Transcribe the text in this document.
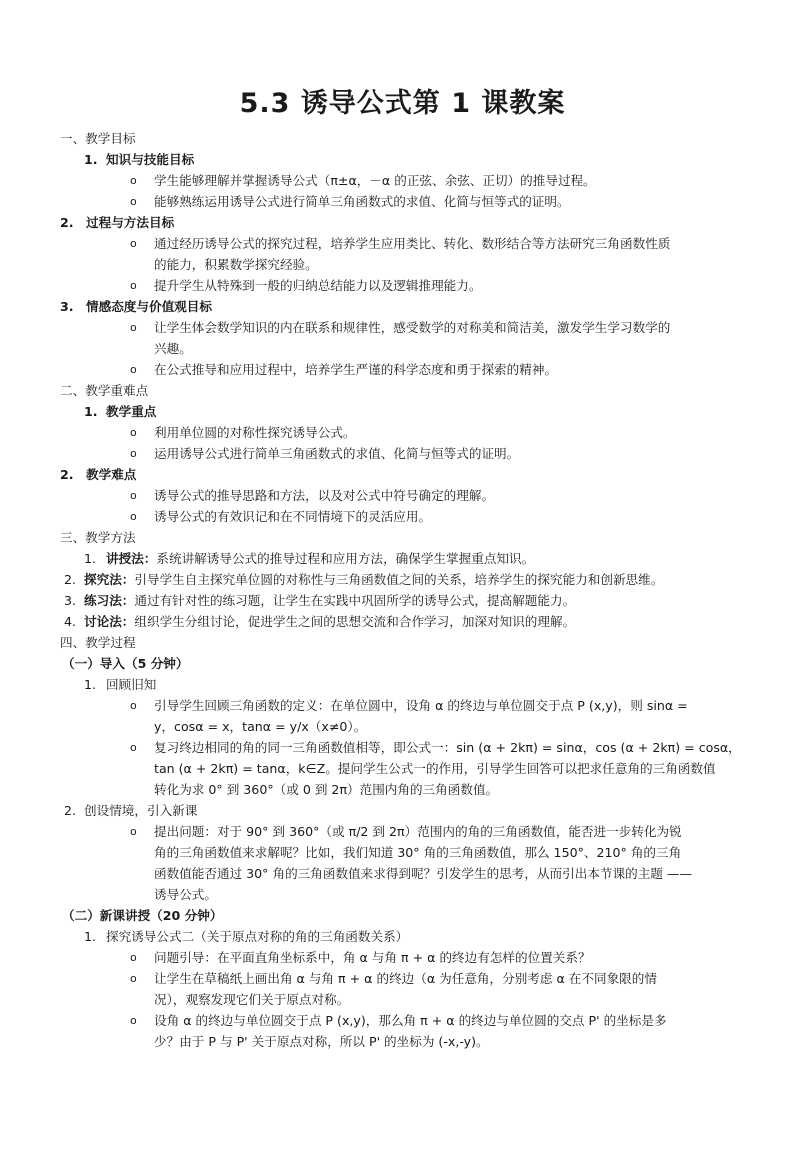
5.3 诱导公式第 1 课教案
一、教学目标
1. 知识与技能目标
o 学生能够理解并掌握诱导公式（π±α，－α 的正弦、余弦、正切）的推导过程。
o 能够熟练运用诱导公式进行简单三角函数式的求值、化简与恒等式的证明。
2. 过程与方法目标
o 通过经历诱导公式的探究过程，培养学生应用类比、转化、数形结合等方法研究三角函数性质
的能力，积累数学探究经验。
o 提升学生从特殊到一般的归纳总结能力以及逻辑推理能力。
3. 情感态度与价值观目标
o 让学生体会数学知识的内在联系和规律性，感受数学的对称美和简洁美，激发学生学习数学的
兴趣。
o 在公式推导和应用过程中，培养学生严谨的科学态度和勇于探索的精神。
二、教学重难点
1. 教学重点
o 利用单位圆的对称性探究诱导公式。
o 运用诱导公式进行简单三角函数式的求值、化简与恒等式的证明。
2. 教学难点
o 诱导公式的推导思路和方法，以及对公式中符号确定的理解。
o 诱导公式的有效识记和在不同情境下的灵活应用。
三、教学方法
1. 讲授法：系统讲解诱导公式的推导过程和应用方法，确保学生掌握重点知识。
2. 探究法：引导学生自主探究单位圆的对称性与三角函数值之间的关系，培养学生的探究能力和创新思维。
3. 练习法：通过有针对性的练习题，让学生在实践中巩固所学的诱导公式，提高解题能力。
4. 讨论法：组织学生分组讨论，促进学生之间的思想交流和合作学习，加深对知识的理解。
四、教学过程
（一）导入（5 分钟）
1. 回顾旧知
o 引导学生回顾三角函数的定义：在单位圆中，设角 α 的终边与单位圆交于点 P (x,y)，则 sinα =
y，cosα = x，tanα = y/x（x≠0）。
o 复习终边相同的角的同一三角函数值相等，即公式一：sin (α + 2kπ) = sinα，cos (α + 2kπ) = cosα，
tan (α + 2kπ) = tanα，k∈Z。提问学生公式一的作用，引导学生回答可以把求任意角的三角函数值
转化为求 0° 到 360°（或 0 到 2π）范围内角的三角函数值。
2. 创设情境，引入新课
o 提出问题：对于 90° 到 360°（或 π/2 到 2π）范围内的角的三角函数值，能否进一步转化为锐
角的三角函数值来求解呢？比如，我们知道 30° 角的三角函数值，那么 150°、210° 角的三角
函数值能否通过 30° 角的三角函数值来求得到呢？引发学生的思考，从而引出本节课的主题 ——
诱导公式。
（二）新课讲授（20 分钟）
1. 探究诱导公式二（关于原点对称的角的三角函数关系）
o 问题引导：在平面直角坐标系中，角 α 与角 π + α 的终边有怎样的位置关系？
o 让学生在草稿纸上画出角 α 与角 π + α 的终边（α 为任意角，分别考虑 α 在不同象限的情
况），观察发现它们关于原点对称。
o 设角 α 的终边与单位圆交于点 P (x,y)，那么角 π + α 的终边与单位圆的交点 P' 的坐标是多
少？由于 P 与 P' 关于原点对称，所以 P' 的坐标为 (-x,-y)。
